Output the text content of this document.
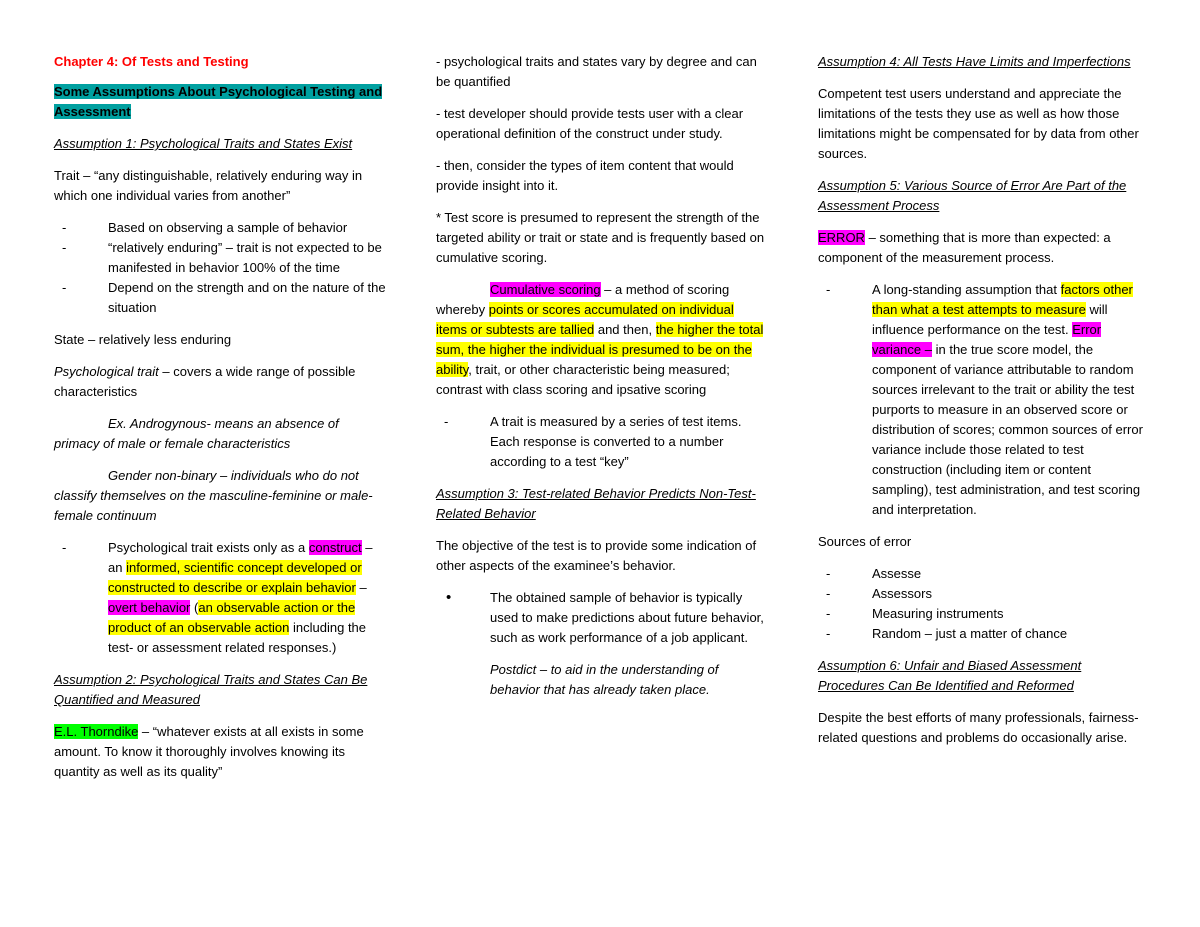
Chapter 4: Of Tests and Testing

Some Assumptions About Psychological Testing and Assessment

Assumption 1: Psychological Traits and States Exist

Trait – “any distinguishable, relatively enduring way in which one individual varies from another”

- Based on observing a sample of behavior
- “relatively enduring” – trait is not expected to be manifested in behavior 100% of the time
- Depend on the strength and on the nature of the situation

State – relatively less enduring

Psychological trait – covers a wide range of possible characteristics

Ex. Androgynous- means an absence of primacy of male or female characteristics

Gender non-binary – individuals who do not classify themselves on the masculine-feminine or male-female continuum

- Psychological trait exists only as a construct – an informed, scientific concept developed or constructed to describe or explain behavior – overt behavior (an observable action or the product of an observable action including the test- or assessment related responses.)

Assumption 2: Psychological Traits and States Can Be Quantified and Measured

E.L. Thorndike – “whatever exists at all exists in some amount. To know it thoroughly involves knowing its quantity as well as its quality”

- psychological traits and states vary by degree and can be quantified

- test developer should provide tests user with a clear operational definition of the construct under study.

- then, consider the types of item content that would provide insight into it.

* Test score is presumed to represent the strength of the targeted ability or trait or state and is frequently based on cumulative scoring.

Cumulative scoring – a method of scoring whereby points or scores accumulated on individual items or subtests are tallied and then, the higher the total sum, the higher the individual is presumed to be on the ability, trait, or other characteristic being measured; contrast with class scoring and ipsative scoring

- A trait is measured by a series of test items. Each response is converted to a number according to a test “key”

Assumption 3: Test-related Behavior Predicts Non-Test-Related Behavior

The objective of the test is to provide some indication of other aspects of the examinee’s behavior.

• The obtained sample of behavior is typically used to make predictions about future behavior, such as work performance of a job applicant.

Postdict – to aid in the understanding of behavior that has already taken place.

Assumption 4: All Tests Have Limits and Imperfections

Competent test users understand and appreciate the limitations of the tests they use as well as how those limitations might be compensated for by data from other sources.

Assumption 5: Various Source of Error Are Part of the Assessment Process

ERROR – something that is more than expected: a component of the measurement process.

- A long-standing assumption that factors other than what a test attempts to measure will influence performance on the test. Error variance – in the true score model, the component of variance attributable to random sources irrelevant to the trait or ability the test purports to measure in an observed score or distribution of scores; common sources of error variance include those related to test construction (including item or content sampling), test administration, and test scoring and interpretation.

Sources of error

- Assesse
- Assessors
- Measuring instruments
- Random – just a matter of chance

Assumption 6: Unfair and Biased Assessment Procedures Can Be Identified and Reformed

Despite the best efforts of many professionals, fairness-related questions and problems do occasionally arise.
